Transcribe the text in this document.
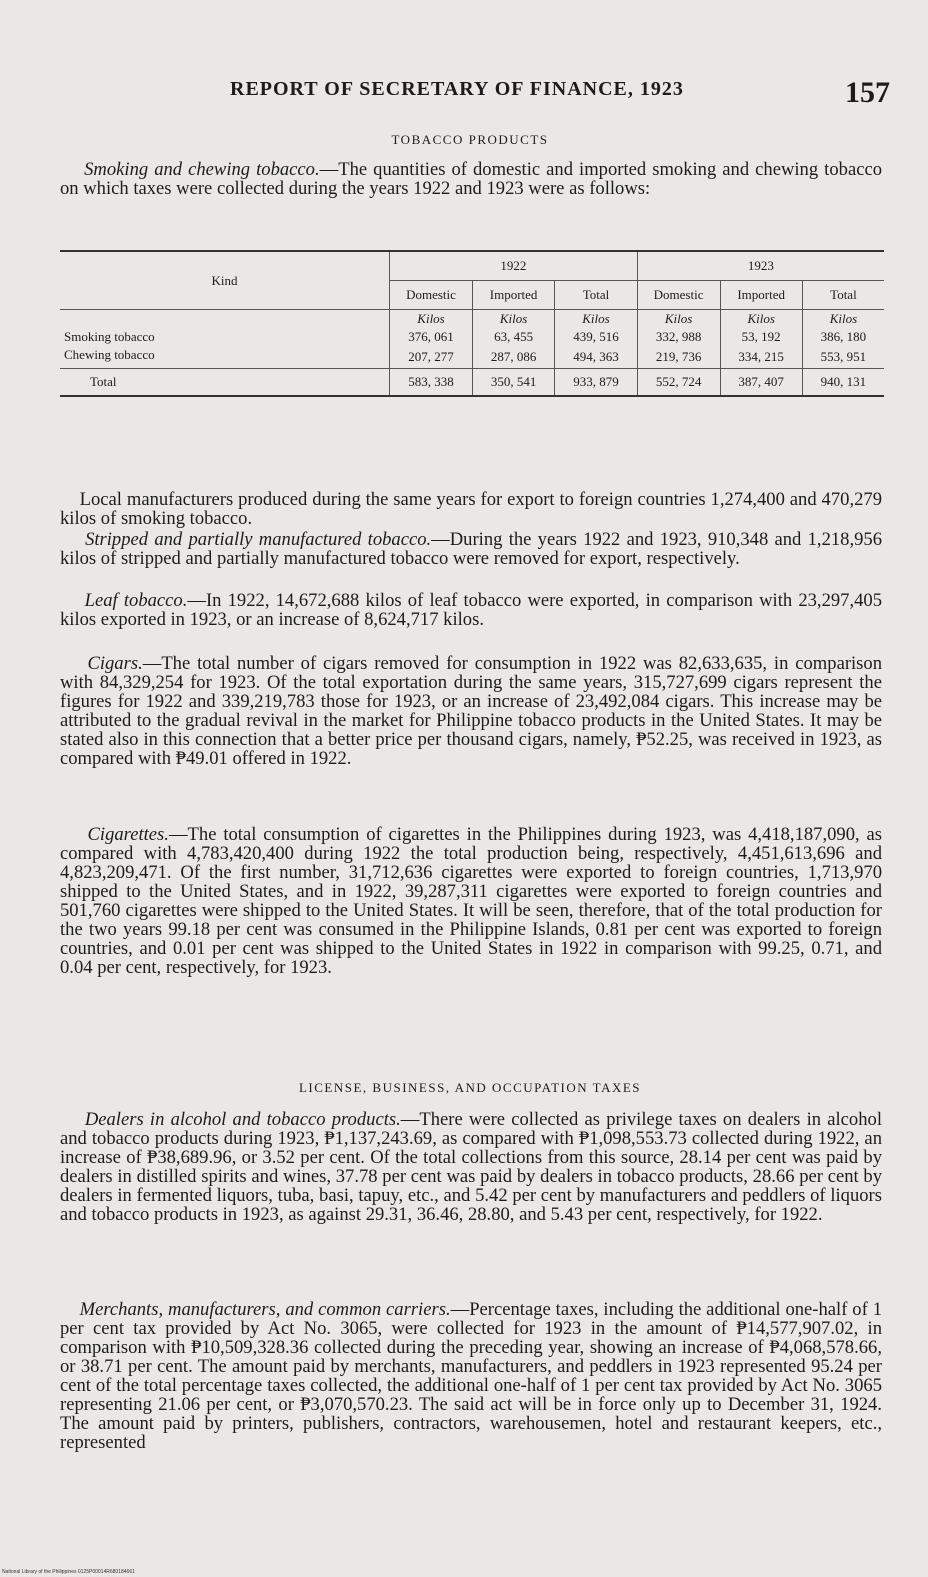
REPORT OF SECRETARY OF FINANCE, 1923	157
TOBACCO PRODUCTS
Smoking and chewing tobacco.—The quantities of domestic and imported smoking and chewing tobacco on which taxes were collected during the years 1922 and 1923 were as follows:
Kind	1922			1923		
	Domestic	Imported	Total	Domestic	Imported	Total
	Kilos	Kilos	Kilos	Kilos	Kilos	Kilos
Smoking tobacco	376, 061	63, 455	439, 516	332, 988	53, 192	386, 180
Chewing tobacco	207, 277	287, 086	494, 363	219, 736	334, 215	553, 951
Total	583, 338	350, 541	933, 879	552, 724	387, 407	940, 131
Local manufacturers produced during the same years for export to foreign countries 1,274,400 and 470,279 kilos of smoking tobacco.
Stripped and partially manufactured tobacco.—During the years 1922 and 1923, 910,348 and 1,218,956 kilos of stripped and partially manufactured tobacco were removed for export, respectively.
Leaf tobacco.—In 1922, 14,672,688 kilos of leaf tobacco were exported, in comparison with 23,297,405 kilos exported in 1923, or an increase of 8,624,717 kilos.
Cigars.—The total number of cigars removed for consumption in 1922 was 82,633,635, in comparison with 84,329,254 for 1923. Of the total exportation during the same years, 315,727,699 cigars represent the figures for 1922 and 339,219,783 those for 1923, or an increase of 23,492,084 cigars. This increase may be attributed to the gradual revival in the market for Philippine tobacco products in the United States. It may be stated also in this connection that a better price per thousand cigars, namely, ₱52.25, was received in 1923, as compared with ₱49.01 offered in 1922.
Cigarettes.—The total consumption of cigarettes in the Philippines during 1923, was 4,418,187,090, as compared with 4,783,420,400 during 1922 the total production being, respectively, 4,451,613,696 and 4,823,209,471. Of the first number, 31,712,636 cigarettes were exported to foreign countries, 1,713,970 shipped to the United States, and in 1922, 39,287,311 cigarettes were exported to foreign countries and 501,760 cigarettes were shipped to the United States. It will be seen, therefore, that of the total production for the two years 99.18 per cent was consumed in the Philippine Islands, 0.81 per cent was exported to foreign countries, and 0.01 per cent was shipped to the United States in 1922 in comparison with 99.25, 0.71, and 0.04 per cent, respectively, for 1923.
LICENSE, BUSINESS, AND OCCUPATION TAXES
Dealers in alcohol and tobacco products.—There were collected as privilege taxes on dealers in alcohol and tobacco products during 1923, ₱1,137,243.69, as compared with ₱1,098,553.73 collected during 1922, an increase of ₱38,689.96, or 3.52 per cent. Of the total collections from this source, 28.14 per cent was paid by dealers in distilled spirits and wines, 37.78 per cent was paid by dealers in tobacco products, 28.66 per cent by dealers in fermented liquors, tuba, basi, tapuy, etc., and 5.42 per cent by manufacturers and peddlers of liquors and tobacco products in 1923, as against 29.31, 36.46, 28.80, and 5.43 per cent, respectively, for 1922.
Merchants, manufacturers, and common carriers.—Percentage taxes, including the additional one-half of 1 per cent tax provided by Act No. 3065, were collected for 1923 in the amount of ₱14,577,907.02, in comparison with ₱10,509,328.36 collected during the preceding year, showing an increase of ₱4,068,578.66, or 38.71 per cent. The amount paid by merchants, manufacturers, and peddlers in 1923 represented 95.24 per cent of the total percentage taxes collected, the additional one-half of 1 per cent tax provided by Act No. 3065 representing 21.06 per cent, or ₱3,070,570.23. The said act will be in force only up to December 31, 1924. The amount paid by printers, publishers, contractors, warehousemen, hotel and restaurant keepers, etc., represented
National Library of the Philippines 0125P00014R680184661
